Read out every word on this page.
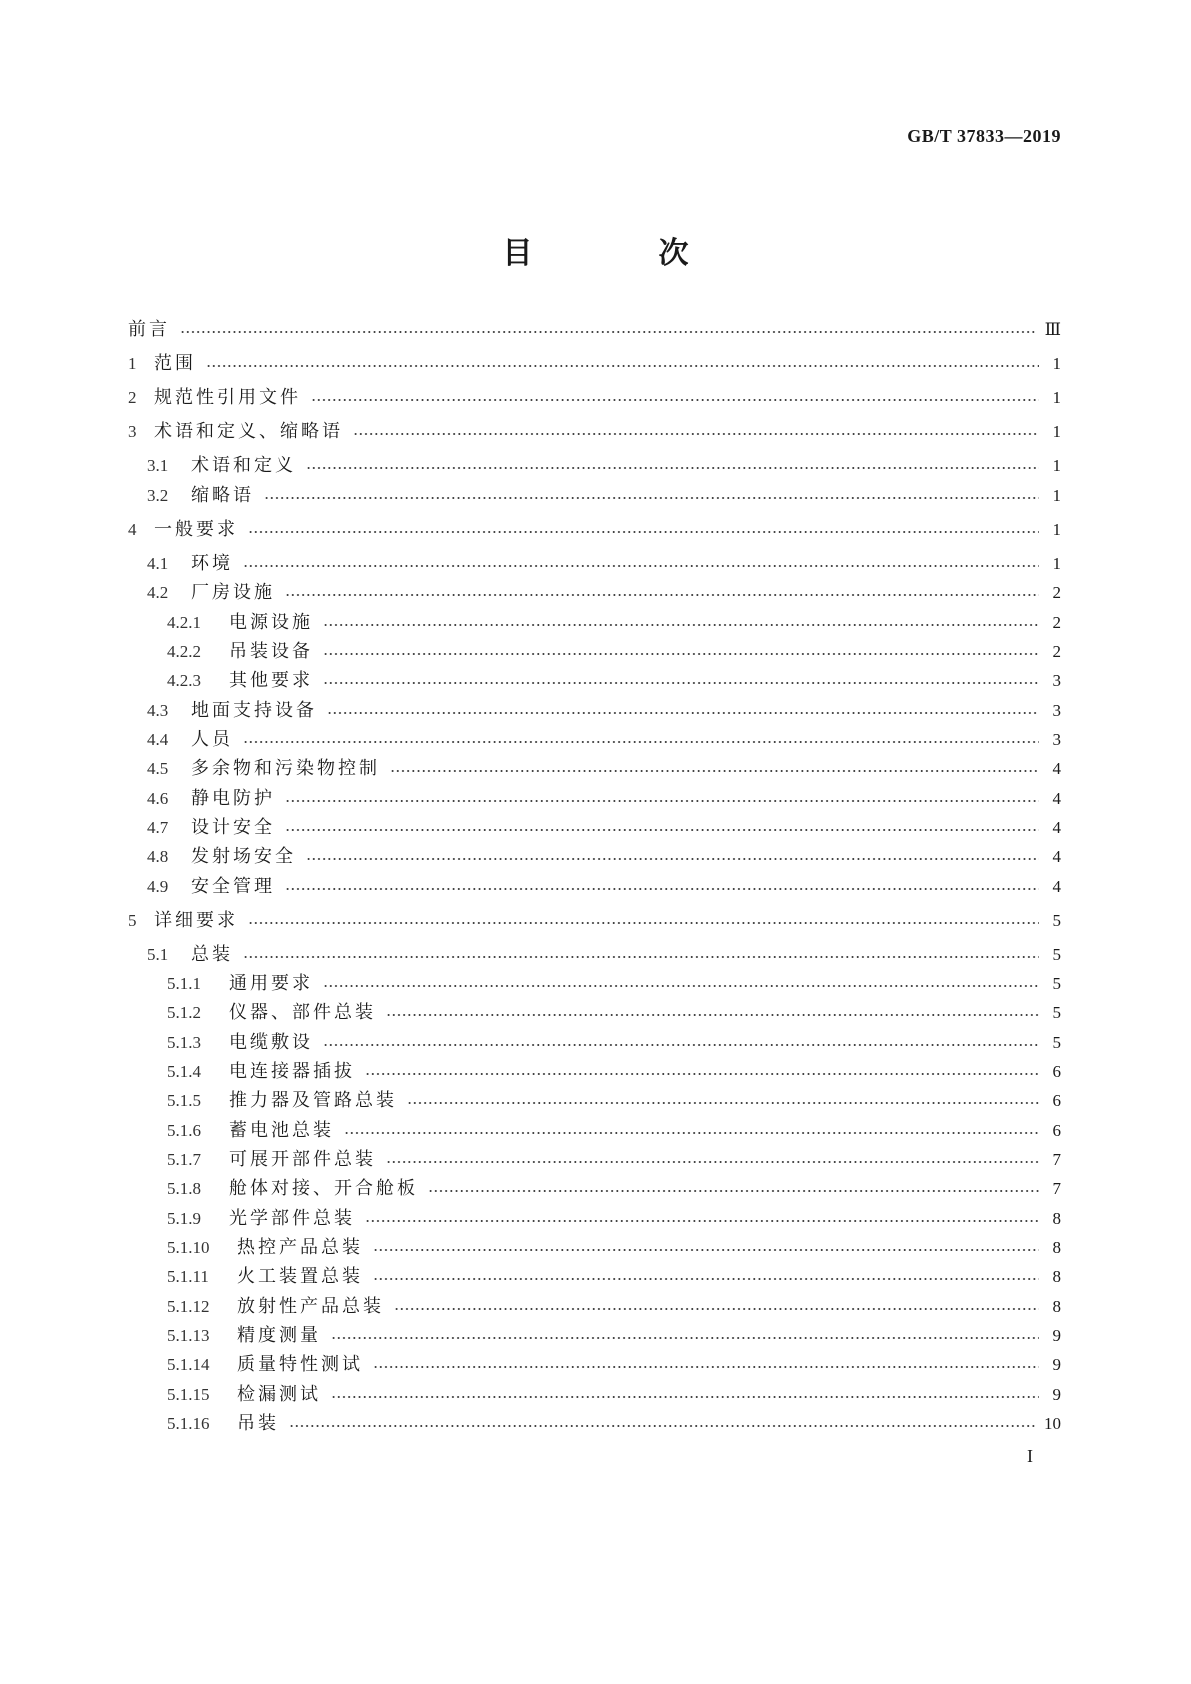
GB/T 37833—2019
目　次
前言	Ⅲ
1 范围	1
2 规范性引用文件	1
3 术语和定义、缩略语	1
3.1	术语和定义	1
3.2	缩略语	1
4 一般要求	1
4.1	环境	1
4.2	厂房设施	2
4.2.1	电源设施	2
4.2.2	吊装设备	2
4.2.3	其他要求	3
4.3	地面支持设备	3
4.4	人员	3
4.5	多余物和污染物控制	4
4.6	静电防护	4
4.7	设计安全	4
4.8	发射场安全	4
4.9	安全管理	4
5 详细要求	5
5.1	总装	5
5.1.1	通用要求	5
5.1.2	仪器、部件总装	5
5.1.3	电缆敷设	5
5.1.4	电连接器插拔	6
5.1.5	推力器及管路总装	6
5.1.6	蓄电池总装	6
5.1.7	可展开部件总装	7
5.1.8	舱体对接、开合舱板	7
5.1.9	光学部件总装	8
5.1.10	热控产品总装	8
5.1.11	火工装置总装	8
5.1.12	放射性产品总装	8
5.1.13	精度测量	9
5.1.14	质量特性测试	9
5.1.15	检漏测试	9
5.1.16	吊装	10
I
